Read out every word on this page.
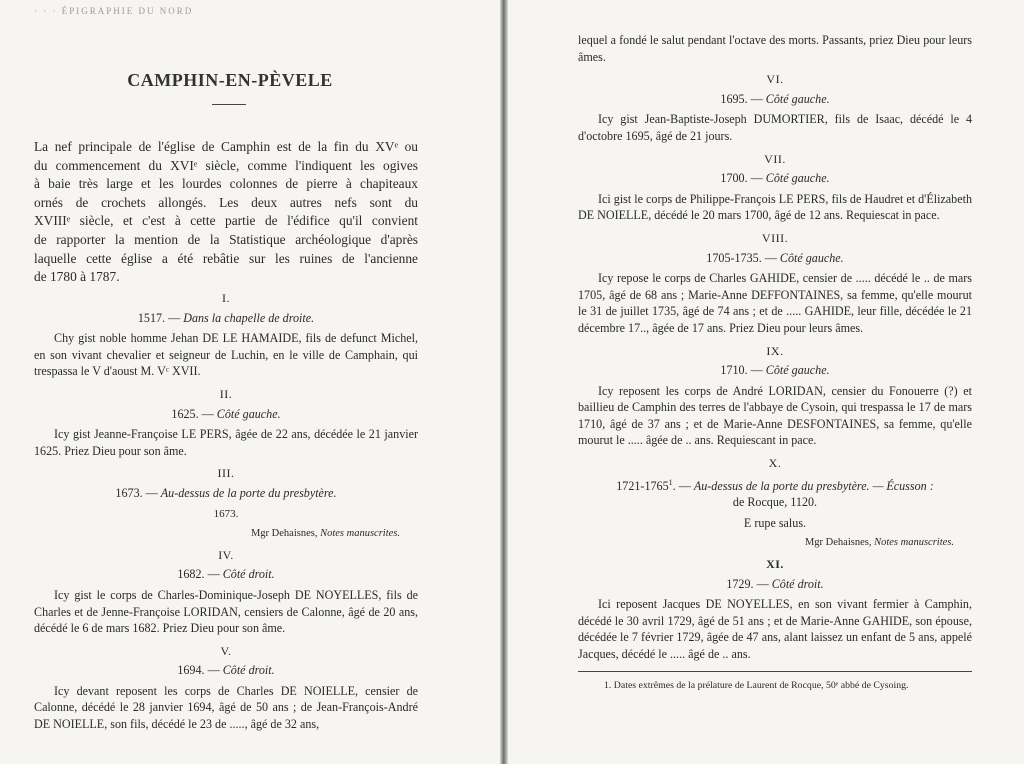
· · · ÉPIGRAPHIE DU NORD
CAMPHIN-EN-PÈVELE
La nef principale de l'église de Camphin est de la fin du XVᵉ ou
du commencement du XVIᵉ siècle, comme l'indiquent les ogives
à baie très large et les lourdes colonnes de pierre à chapiteaux
ornés de crochets allongés. Les deux autres nefs sont du
XVIIIᵉ siècle, et c'est à cette partie de l'édifice qu'il convient
de rapporter la mention de la Statistique archéologique d'après
laquelle cette église a été rebâtie sur les ruines de l'ancienne
de 1780 à 1787.
I.
1517. — Dans la chapelle de droite.

Chy gist noble homme Jehan DE LE HAMAIDE, fils de defunct Michel, en son vivant chevalier et seigneur de Luchin, en le ville de Camphain, qui trespassa le V d'aoust M. Vᶜ XVII.

II.
1625. — Côté gauche.

Icy gist Jeanne-Françoise LE PERS, âgée de 22 ans, décédée le 21 janvier 1625. Priez Dieu pour son âme.

III.
1673. — Au-dessus de la porte du presbytère.
1673.
Mgr Dehaisnes, Notes manuscrites.
IV.
1682. — Côté droit.

Icy gist le corps de Charles-Dominique-Joseph DE NOYELLES, fils de Charles et de Jenne-Françoise LORIDAN, censiers de Calonne, âgé de 20 ans, décédé le 6 de mars 1682. Priez Dieu pour son âme.

V.
1694. — Côté droit.

Icy devant reposent les corps de Charles DE NOIELLE, censier de Calonne, décédé le 28 janvier 1694, âgé de 50 ans ; de Jean-François-André DE NOIELLE, son fils, décédé le 23 de ....., âgé de 32 ans,

lequel a fondé le salut pendant l'octave des morts. Passants, priez Dieu pour leurs âmes.

VI.
1695. — Côté gauche.

Icy gist Jean-Baptiste-Joseph DUMORTIER, fils de Isaac, décédé le 4 d'octobre 1695, âgé de 21 jours.

VII.
1700. — Côté gauche.

Ici gist le corps de Philippe-François LE PERS, fils de Haudret et d'Élizabeth DE NOIELLE, décédé le 20 mars 1700, âgé de 12 ans. Requiescat in pace.

VIII.
1705-1735. — Côté gauche.

Icy repose le corps de Charles GAHIDE, censier de ..... décédé le .. de mars 1705, âgé de 68 ans ; Marie-Anne DEFFONTAINES, sa femme, qu'elle mourut le 31 de juillet 1735, âgé de 74 ans ; et de ..... GAHIDE, leur fille, décédée le 21 décembre 17.., âgée de 17 ans. Priez Dieu pour leurs âmes.

IX.
1710. — Côté gauche.

Icy reposent les corps de André LORIDAN, censier du Fonouerre (?) et baillieu de Camphin des terres de l'abbaye de Cysoin, qui trespassa le 17 de mars 1710, âgé de 37 ans ; et de Marie-Anne DESFONTAINES, sa femme, qu'elle mourut le ..... âgée de .. ans. Requiescant in pace.

X.
1721-1765$^1$. — Au-dessus de la porte du presbytère. — Écusson :
de Rocque, 1120.
E rupe salus.
Mgr Dehaisnes, Notes manuscrites.
XI.
1729. — Côté droit.

Ici reposent Jacques DE NOYELLES, en son vivant fermier à Camphin, décédé le 30 avril 1729, âgé de 51 ans ; et de Marie-Anne GAHIDE, son épouse, décédée le 7 février 1729, âgée de 47 ans, alant laissez un enfant de 5 ans, appelé Jacques, décédé le ..... âgé de .. ans.

1. Dates extrêmes de la prélature de Laurent de Rocque, 50ᵉ abbé de Cysoing.
